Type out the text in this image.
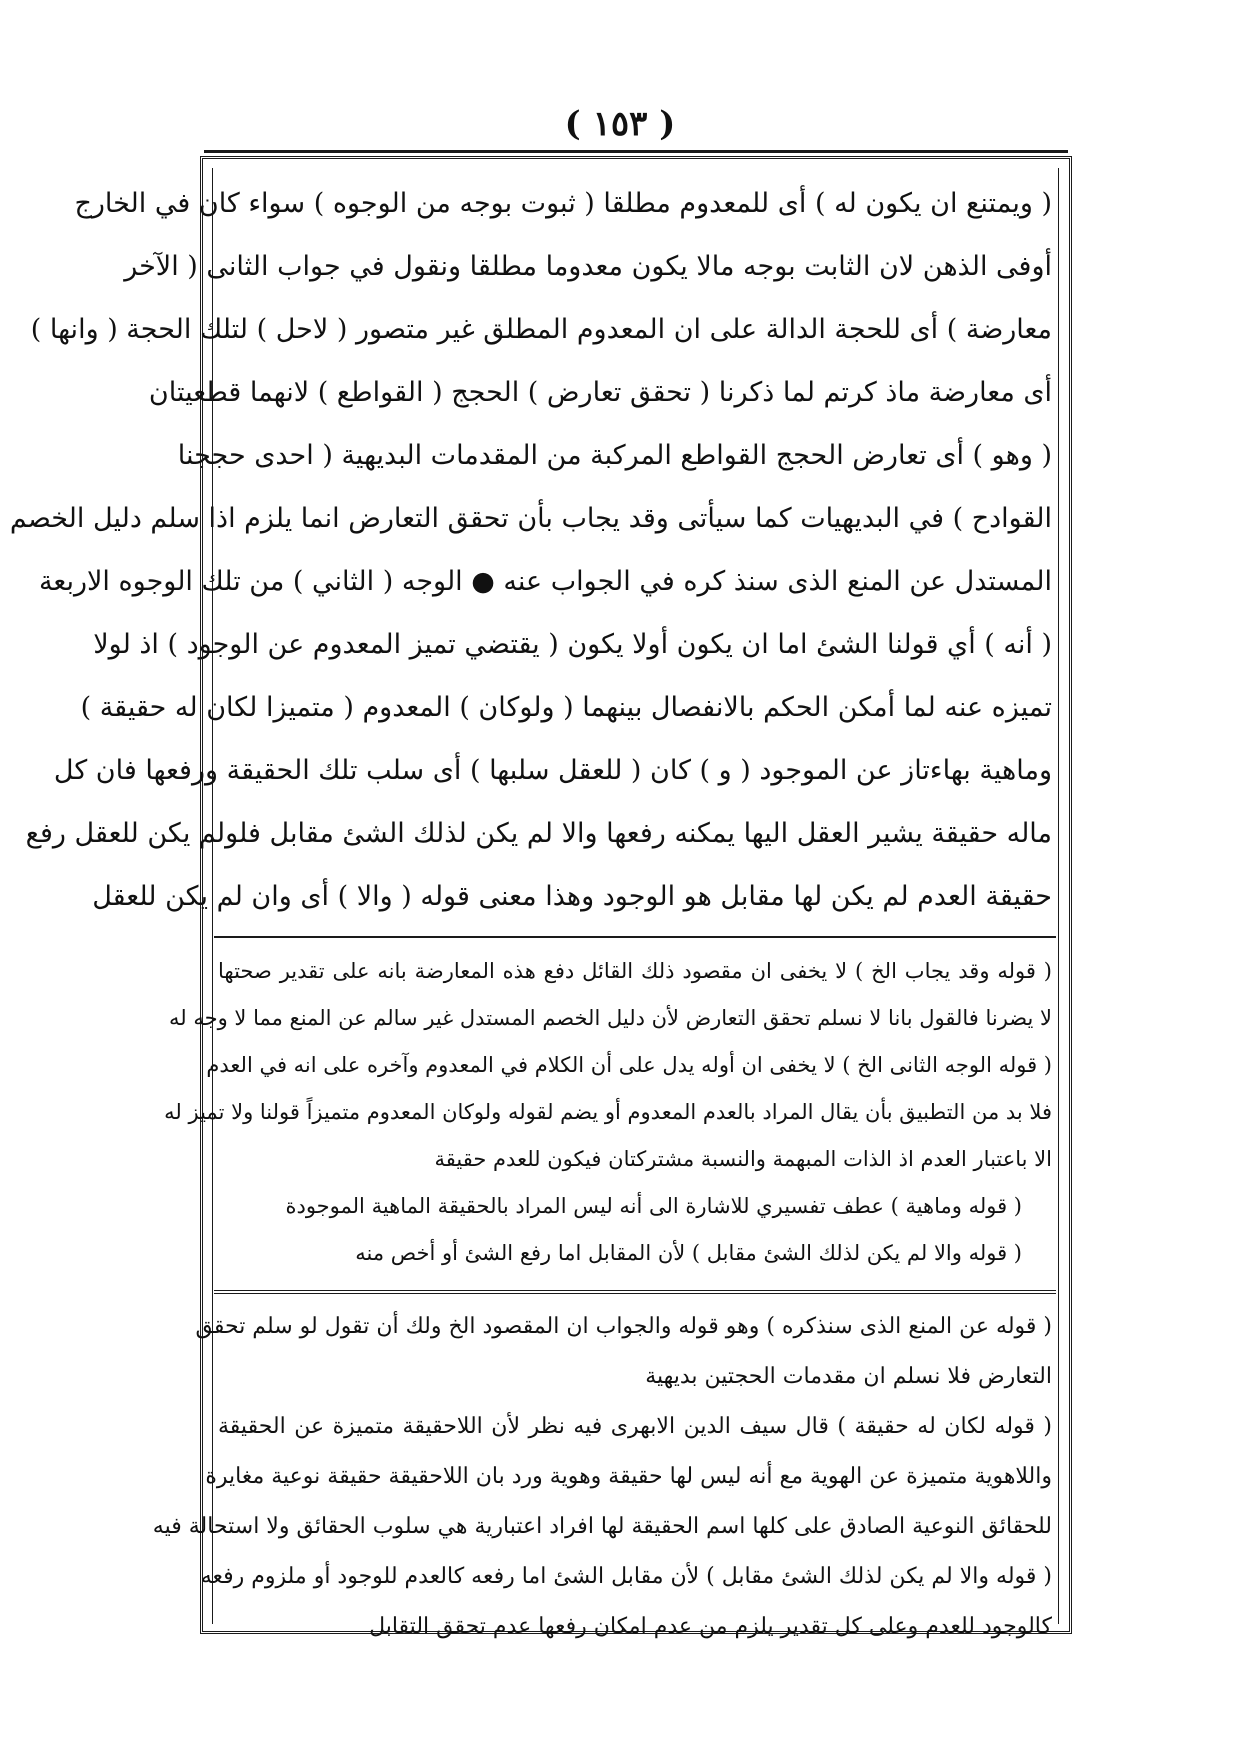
( ١٥٣ )
( ويمتنع ان يكون له ) أى للمعدوم مطلقا ( ثبوت بوجه من الوجوه ) سواء كان في الخارج
أوفى الذهن لان الثابت بوجه مالا يكون معدوما مطلقا ونقول في جواب الثانى ( الآخر
معارضة ) أى للحجة الدالة على ان المعدوم المطلق غير متصور ( لاحل ) لتلك الحجة ( وانها )
أى معارضة ماذ كرتم لما ذكرنا ( تحقق تعارض ) الحجج ( القواطع ) لانهما قطعيتان
( وهو ) أى تعارض الحجج القواطع المركبة من المقدمات البديهية ( احدى حججنا
القوادح ) في البديهيات كما سيأتى وقد يجاب بأن تحقق التعارض انما يلزم اذا سلم دليل الخصم
المستدل عن المنع الذى سنذ كره في الجواب عنه ● الوجه ( الثاني ) من تلك الوجوه الاربعة
( أنه ) أي قولنا الشئ اما ان يكون أولا يكون ( يقتضي تميز المعدوم عن الوجود ) اذ لولا
تميزه عنه لما أمكن الحكم بالانفصال بينهما ( ولوكان ) المعدوم ( متميزا لكان له حقيقة )
وماهية بهاءتاز عن الموجود ( و ) كان ( للعقل سلبها ) أى سلب تلك الحقيقة ورفعها فان كل
ماله حقيقة يشير العقل اليها يمكنه رفعها والا لم يكن لذلك الشئ مقابل فلولم يكن للعقل رفع
حقيقة العدم لم يكن لها مقابل هو الوجود وهذا معنى قوله ( والا ) أى وان لم يكن للعقل
( قوله وقد يجاب الخ ) لا يخفى ان مقصود ذلك القائل دفع هذه المعارضة بانه على تقدير صحتها
لا يضرنا فالقول بانا لا نسلم تحقق التعارض لأن دليل الخصم المستدل غير سالم عن المنع مما لا وجه له
( قوله الوجه الثانى الخ ) لا يخفى ان أوله يدل على أن الكلام في المعدوم وآخره على انه في العدم
فلا بد من التطبيق بأن يقال المراد بالعدم المعدوم أو يضم لقوله ولوكان المعدوم متميزاً قولنا ولا تميز له
الا باعتبار العدم اذ الذات المبهمة والنسبة مشتركتان فيكون للعدم حقيقة
( قوله وماهية ) عطف تفسيري للاشارة الى أنه ليس المراد بالحقيقة الماهية الموجودة
( قوله والا لم يكن لذلك الشئ مقابل ) لأن المقابل اما رفع الشئ أو أخص منه
( قوله عن المنع الذى سنذكره ) وهو قوله والجواب ان المقصود الخ ولك أن تقول لو سلم تحقق
التعارض فلا نسلم ان مقدمات الحجتين بديهية
( قوله لكان له حقيقة ) قال سيف الدين الابهرى فيه نظر لأن اللاحقيقة متميزة عن الحقيقة
واللاهوية متميزة عن الهوية مع أنه ليس لها حقيقة وهوية ورد بان اللاحقيقة حقيقة نوعية مغايرة
للحقائق النوعية الصادق على كلها اسم الحقيقة لها افراد اعتبارية هي سلوب الحقائق ولا استحالة فيه
( قوله والا لم يكن لذلك الشئ مقابل ) لأن مقابل الشئ اما رفعه كالعدم للوجود أو ملزوم رفعه
كالوجود للعدم وعلى كل تقدير يلزم من عدم امكان رفعها عدم تحقق التقابل
